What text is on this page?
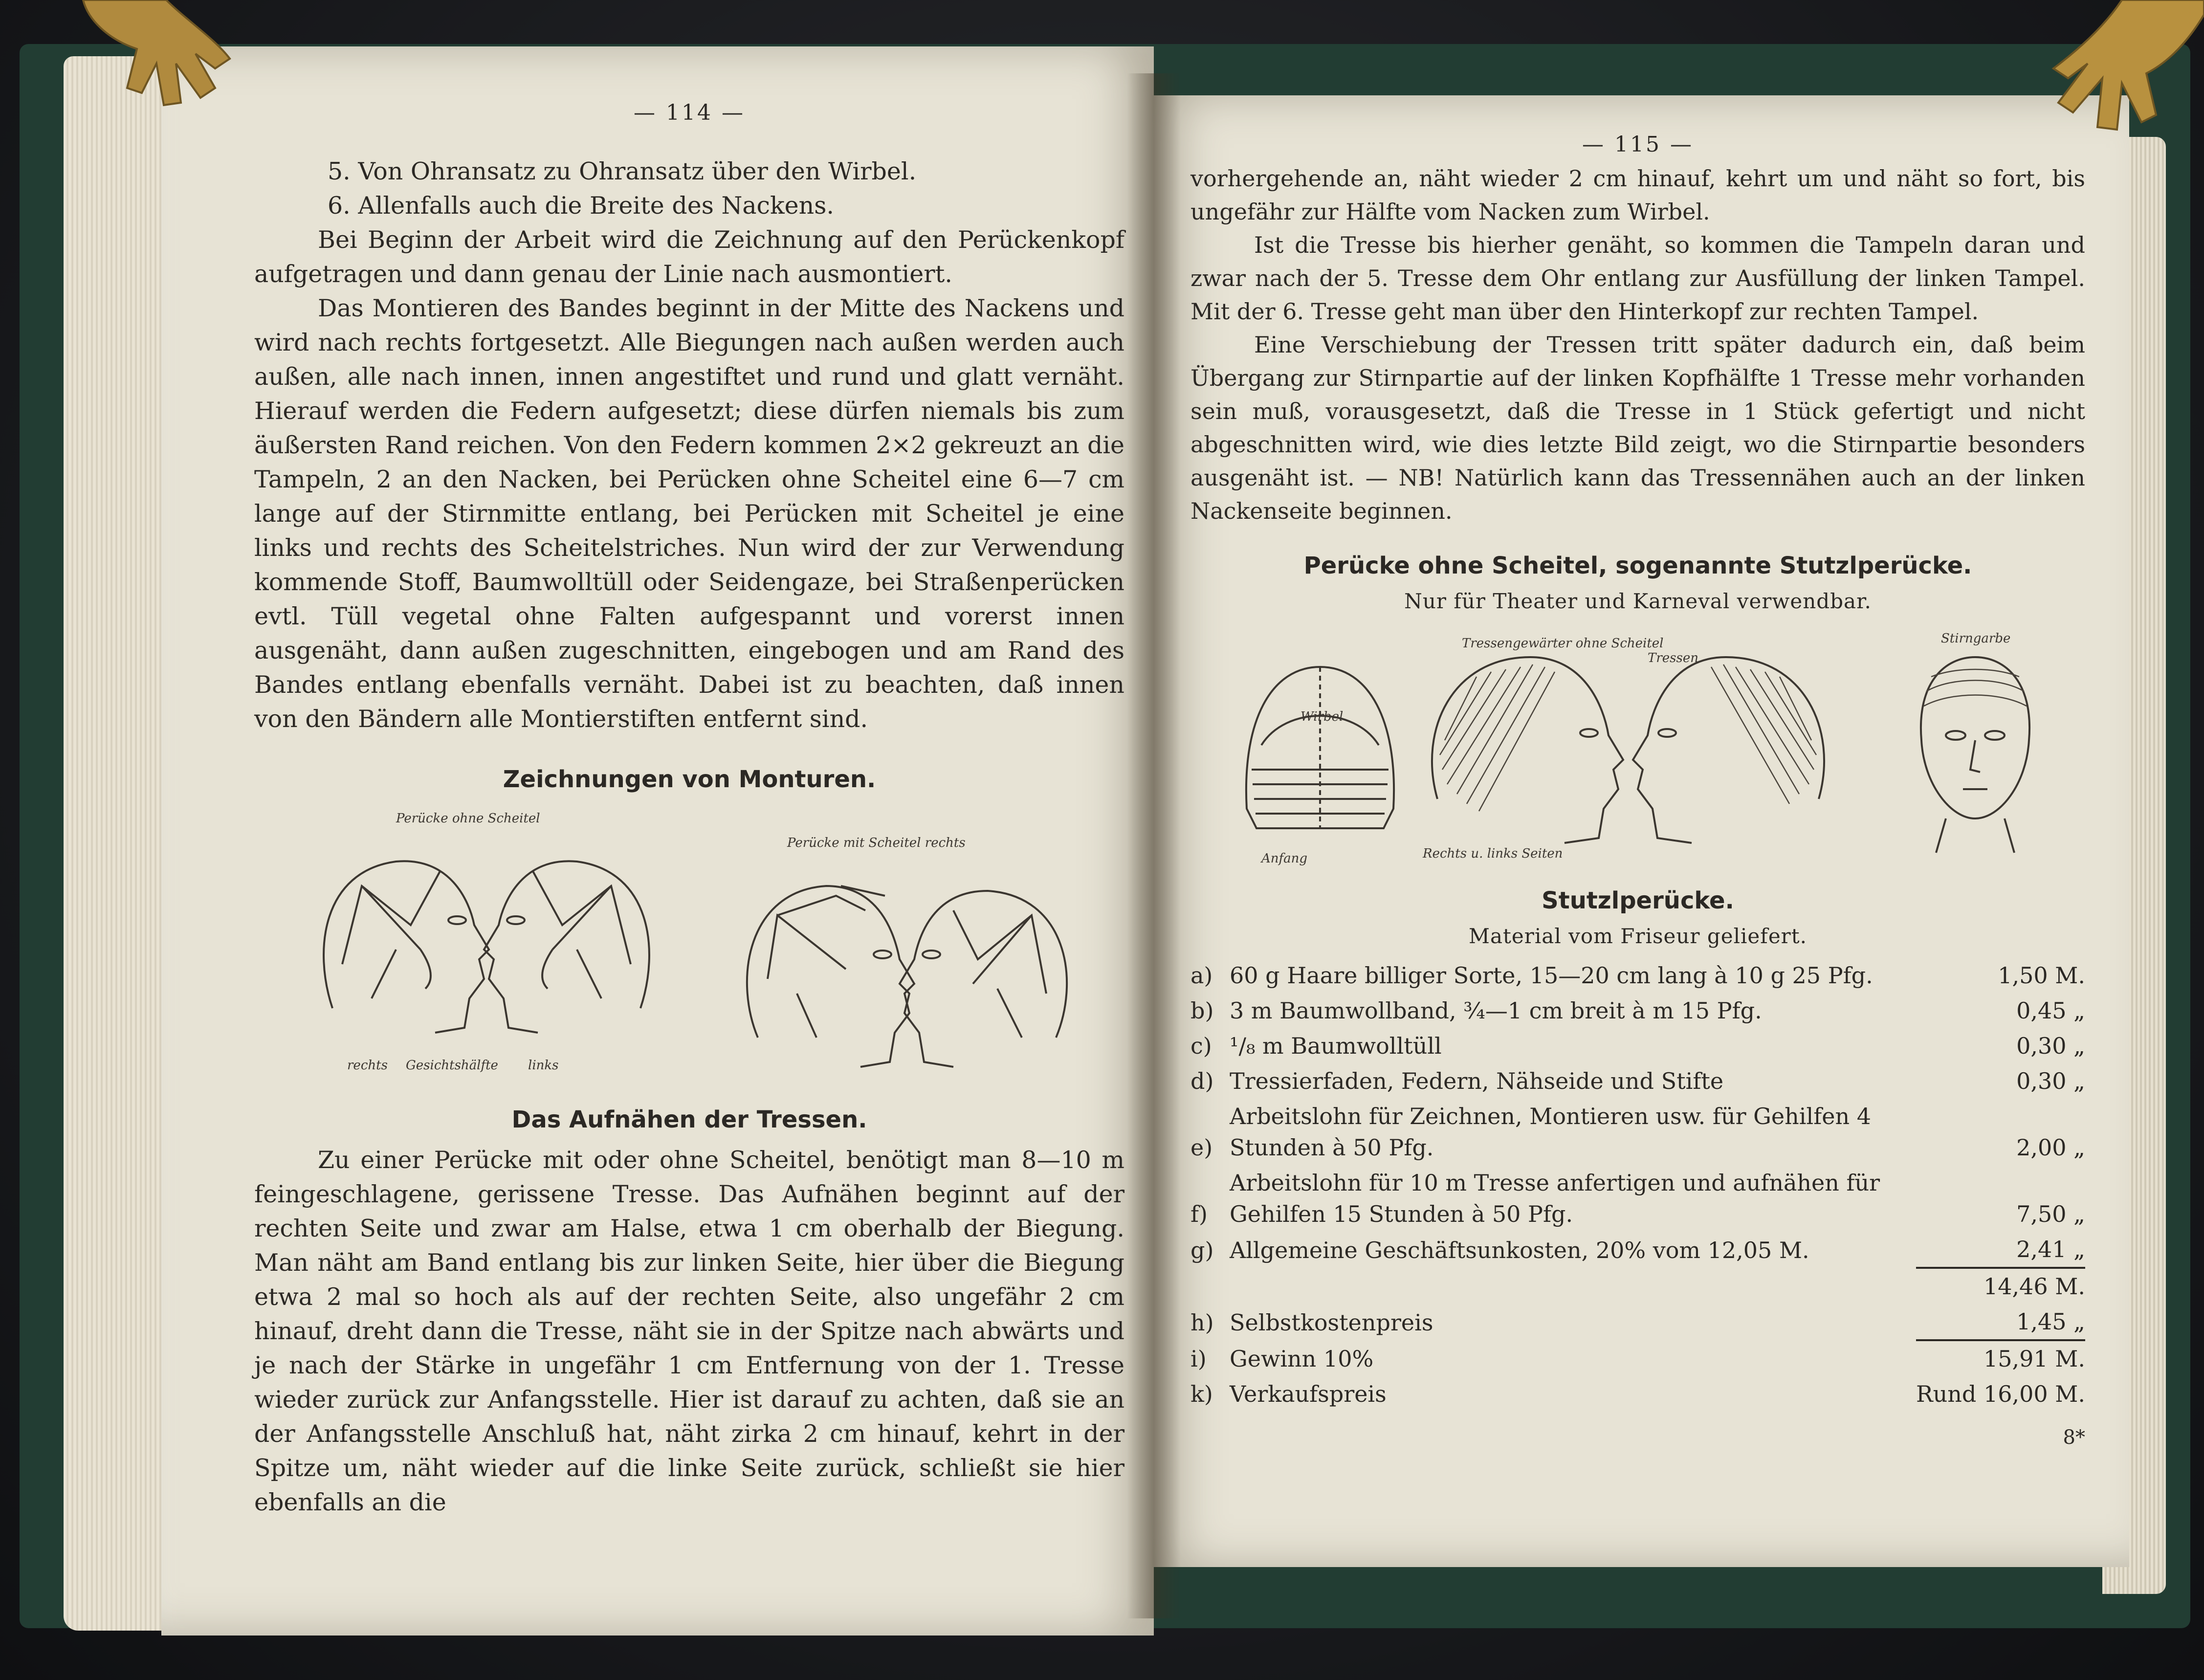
— 114 —

5. Von Ohransatz zu Ohransatz über den Wirbel.

6. Allenfalls auch die Breite des Nackens.

Bei Beginn der Arbeit wird die Zeichnung auf den Perückenkopf aufgetragen und dann genau der Linie nach ausmontiert.

Das Montieren des Bandes beginnt in der Mitte des Nackens und wird nach rechts fortgesetzt. Alle Biegungen nach außen werden auch außen, alle nach innen, innen angestiftet und rund und glatt vernäht. Hierauf werden die Federn aufgesetzt; diese dürfen niemals bis zum äußersten Rand reichen. Von den Federn kommen 2×2 gekreuzt an die Tampeln, 2 an den Nacken, bei Perücken ohne Scheitel eine 6—7 cm lange auf der Stirnmitte entlang, bei Perücken mit Scheitel je eine links und rechts des Scheitelstriches. Nun wird der zur Verwendung kommende Stoff, Baumwolltüll oder Seidengaze, bei Straßenperücken evtl. Tüll vegetal ohne Falten aufgespannt und vorerst innen ausgenäht, dann außen zugeschnitten, eingebogen und am Rand des Bandes entlang ebenfalls vernäht. Dabei ist zu beachten, daß innen von den Bändern alle Montierstiften entfernt sind.

Zeichnungen von Monturen.
Perücke ohne Scheitel
Perücke mit Scheitel rechts
rechts Gesichtshälfte links
Das Aufnähen der Tressen.

Zu einer Perücke mit oder ohne Scheitel, benötigt man 8—10 m feingeschlagene, gerissene Tresse. Das Aufnähen beginnt auf der rechten Seite und zwar am Halse, etwa 1 cm oberhalb der Biegung. Man näht am Band entlang bis zur linken Seite, hier über die Biegung etwa 2 mal so hoch als auf der rechten Seite, also ungefähr 2 cm hinauf, dreht dann die Tresse, näht sie in der Spitze nach abwärts und je nach der Stärke in ungefähr 1 cm Entfernung von der 1. Tresse wieder zurück zur Anfangsstelle. Hier ist darauf zu achten, daß sie an der Anfangsstelle Anschluß hat, näht zirka 2 cm hinauf, kehrt in der Spitze um, näht wieder auf die linke Seite zurück, schließt sie hier ebenfalls an die

— 115 —

vorhergehende an, näht wieder 2 cm hinauf, kehrt um und näht so fort, bis ungefähr zur Hälfte vom Nacken zum Wirbel.

Ist die Tresse bis hierher genäht, so kommen die Tampeln daran und zwar nach der 5. Tresse dem Ohr entlang zur Ausfüllung der linken Tampel. Mit der 6. Tresse geht man über den Hinterkopf zur rechten Tampel.

Eine Verschiebung der Tressen tritt später dadurch ein, daß beim Übergang zur Stirnpartie auf der linken Kopfhälfte 1 Tresse mehr vorhanden sein muß, vorausgesetzt, daß die Tresse in 1 Stück gefertigt und nicht abgeschnitten wird, wie dies letzte Bild zeigt, wo die Stirnpartie besonders ausgenäht ist. — NB! Natürlich kann das Tressennähen auch an der linken Nackenseite beginnen.

Perücke ohne Scheitel, sogenannte Stutzlperücke.
Nur für Theater und Karneval verwendbar.
Wirbel
Anfang
Tressengewärter ohne Scheitel
Tressen
Rechts u. links Seiten
Stirngarbe
Stutzlperücke.
Material vom Friseur geliefert.
a)	60 g Haare billiger Sorte, 15—20 cm lang à 10 g 25 Pfg.	1,50 M.
b)	3 m Baumwollband, ¾—1 cm breit à m 15 Pfg.	0,45 „
c)	¹/₈ m Baumwolltüll	0,30 „
d)	Tressierfaden, Federn, Nähseide und Stifte	0,30 „
e)	Arbeitslohn für Zeichnen, Montieren usw. für Gehilfen 4 Stunden à 50 Pfg.	2,00 „
f)	Arbeitslohn für 10 m Tresse anfertigen und aufnähen für Gehilfen 15 Stunden à 50 Pfg.	7,50 „
g)	Allgemeine Geschäftsunkosten, 20% vom 12,05 M.	2,41 „
		14,46 M.
h)	Selbstkostenpreis	1,45 „
i)	Gewinn 10%	15,91 M.
k)	Verkaufspreis	Rund 16,00 M.
8*
